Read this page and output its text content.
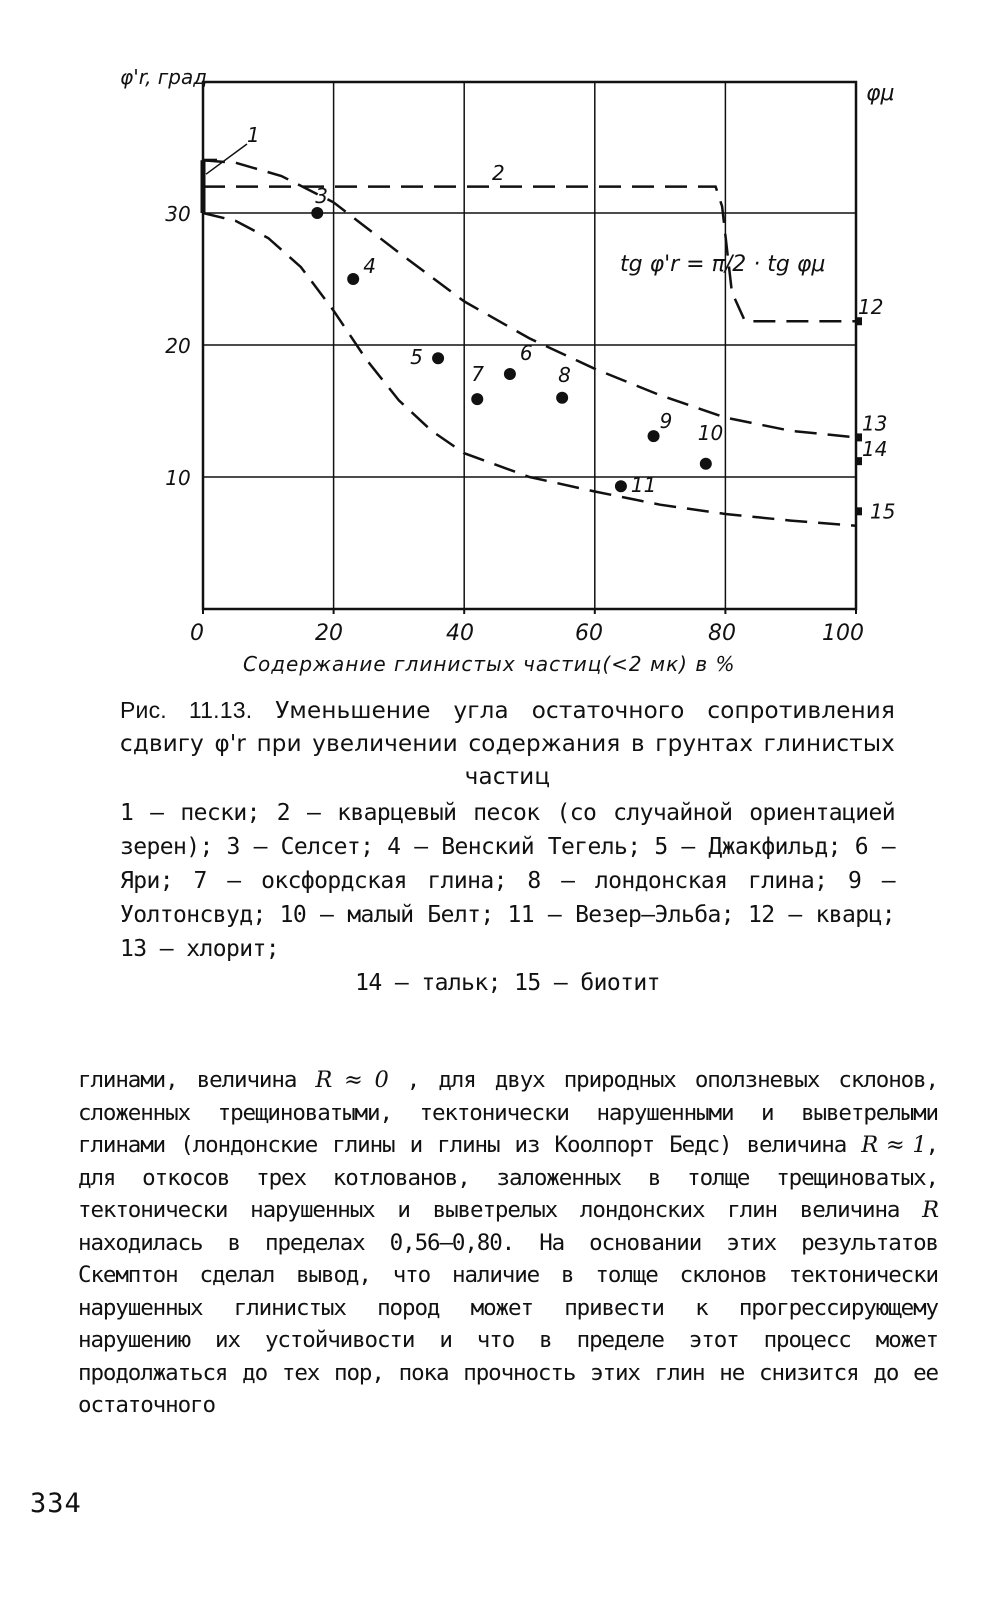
0	20	40	60	80	100
10
20
30
1
2
3
4
5	6
7	8
9 10
11
12
13
14
15
φ'r, град
φμ
Содержание глинистых частиц(<2 мк) в %
tg φ'r = π/2 · tg φμ
Рис. 11.13. Уменьшение угла остаточного сопротивления сдвигу φ'r при увеличении содержания в грунтах глинистых частиц
1 – пески; 2 – кварцевый песок (со случайной ориентацией зерен); 3 – Селсет; 4 – Венский Тегель; 5 – Джакфильд; 6 – Яри; 7 – оксфордская глина; 8 – лондонская глина; 9 – Уолтонсвуд; 10 – малый Белт; 11 – Везер–Эльба; 12 – кварц; 13 – хлорит;
14 – тальк; 15 – биотит

глинами, величина R ≈ 0 , для двух природных оползневых склонов, сложенных трещиноватыми, тектонически нарушенными и выветрелыми глинами (лондонские глины и глины из Коолпорт Бедс) величина R ≈ 1, для откосов трех котлованов, заложенных в толще трещиноватых, тектонически нарушенных и выветрелых лондонских глин величина R находилась в пределах 0,56–0,80. На основании этих результатов Скемптон сделал вывод, что наличие в толще склонов тектонически нарушенных глинистых пород может привести к прогрессирующему нарушению их устойчивости и что в пределе этот процесс может продолжаться до тех пор, пока прочность этих глин не снизится до ее остаточного

334
